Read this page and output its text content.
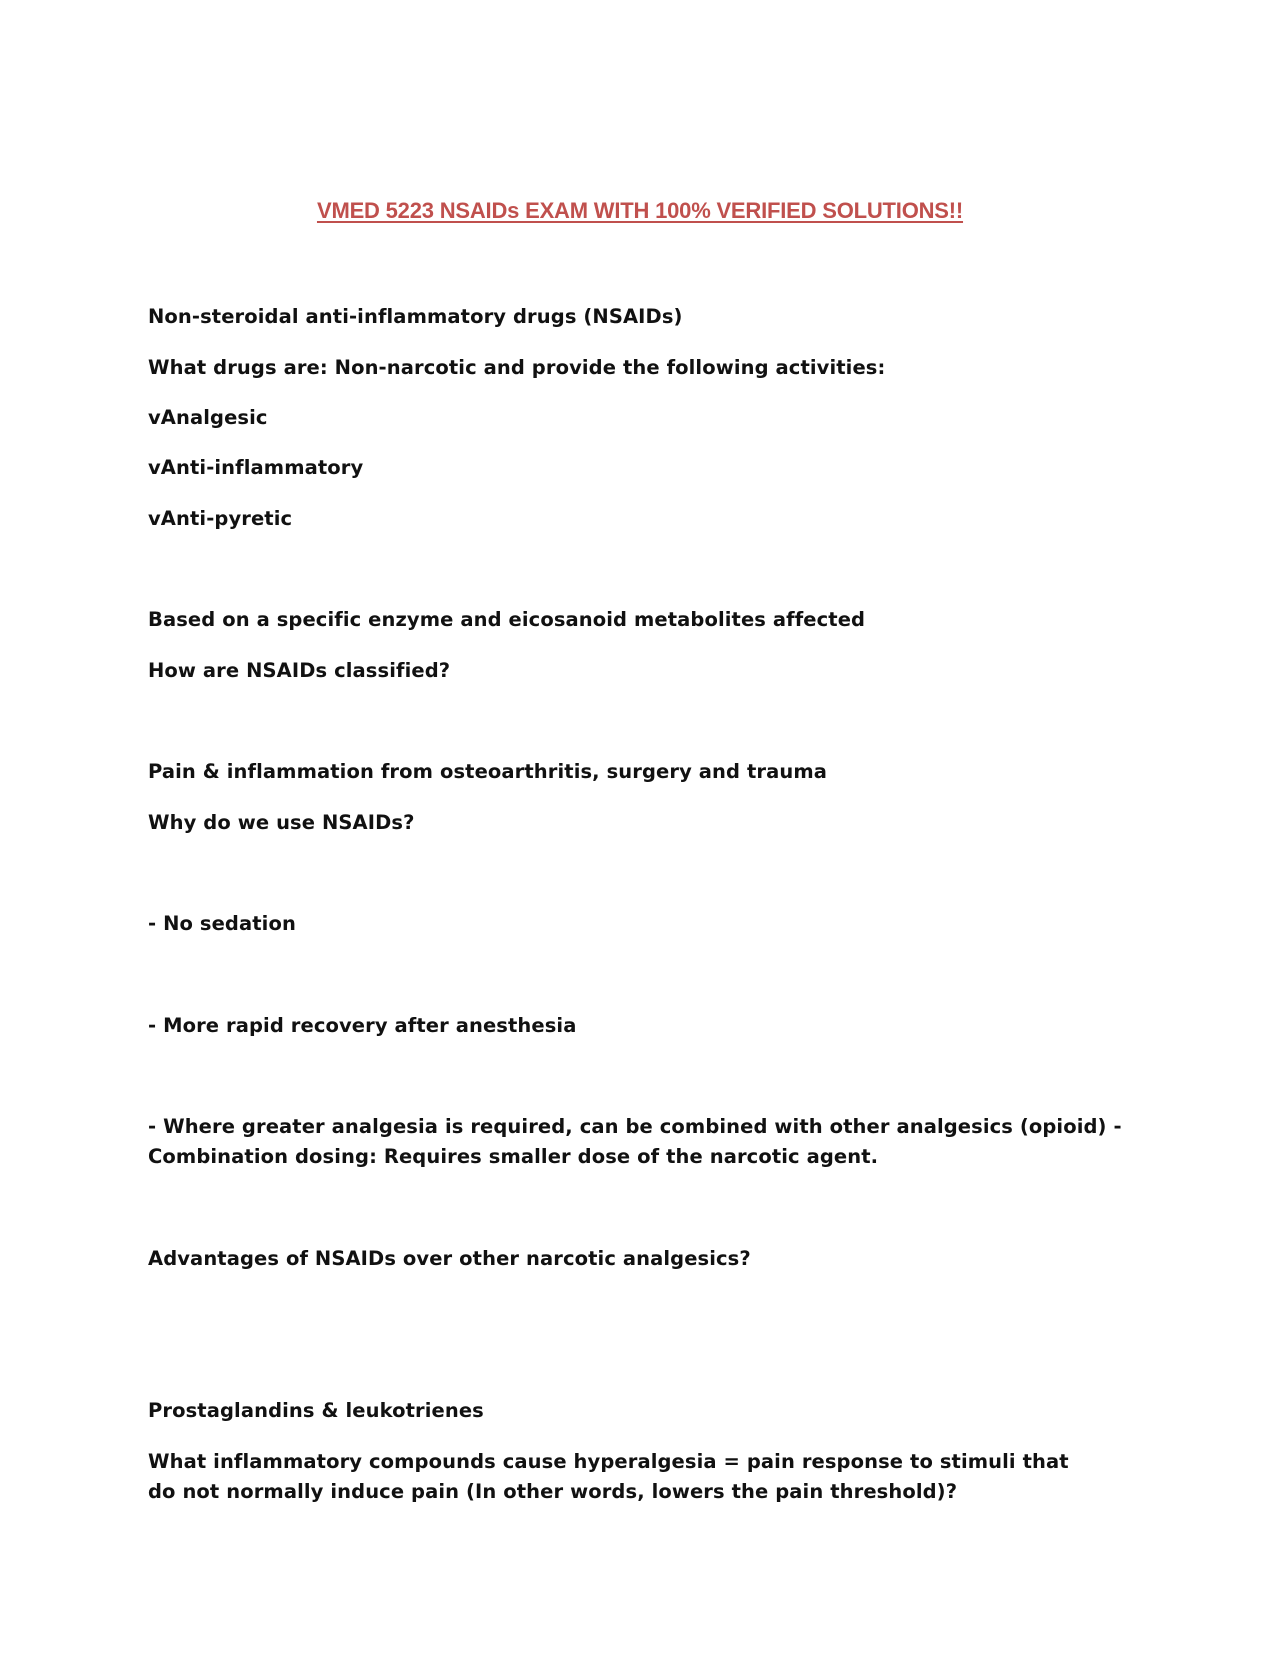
VMED 5223 NSAIDs EXAM WITH 100% VERIFIED SOLUTIONS!!
Non-steroidal anti-inflammatory drugs (NSAIDs)
What drugs are: Non-narcotic and provide the following activities:
vAnalgesic
vAnti-inflammatory
vAnti-pyretic
Based on a specific enzyme and eicosanoid metabolites affected
How are NSAIDs classified?
Pain & inflammation from osteoarthritis, surgery and trauma
Why do we use NSAIDs?
- No sedation
- More rapid recovery after anesthesia
- Where greater analgesia is required, can be combined with other analgesics (opioid) - Combination dosing: Requires smaller dose of the narcotic agent.
Advantages of NSAIDs over other narcotic analgesics?
Prostaglandins & leukotrienes
What inflammatory compounds cause hyperalgesia = pain response to stimuli that do not normally induce pain (In other words, lowers the pain threshold)?
